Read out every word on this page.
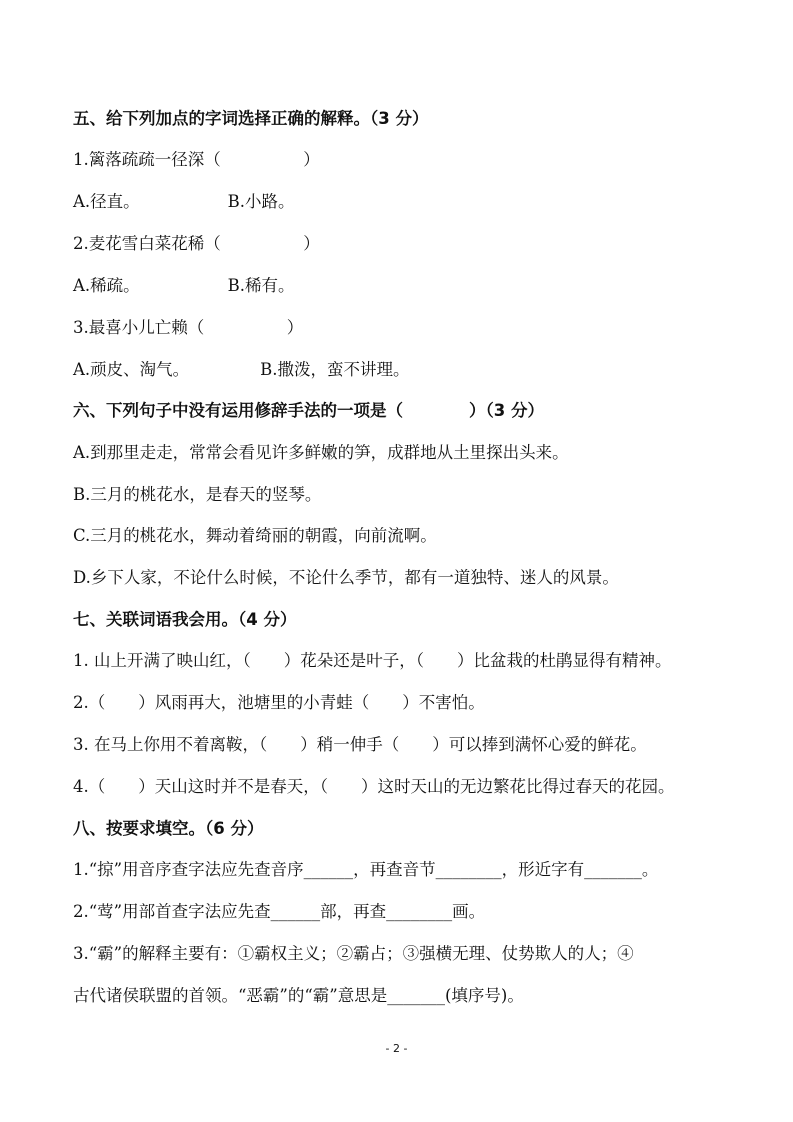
五、给下列加点的字词选择正确的解释。（3 分）
1.篱落疏疏一径深（　　　　　）
A.径直。	B.小路。
2.麦花雪白菜花稀（　　　　　）
A.稀疏。	B.稀有。
3.最喜小儿亡赖（　　　　　）
A.顽皮、淘气。	B.撒泼，蛮不讲理。
六、下列句子中没有运用修辞手法的一项是（　　　　）（3 分）
A.到那里走走，常常会看见许多鲜嫩的笋，成群地从土里探出头来。
B.三月的桃花水，是春天的竖琴。
C.三月的桃花水，舞动着绮丽的朝霞，向前流啊。
D.乡下人家，不论什么时候，不论什么季节，都有一道独特、迷人的风景。
七、关联词语我会用。（4 分）
1. 山上开满了映山红，（　　）花朵还是叶子，（　　）比盆栽的杜鹃显得有精神。
2.（　　）风雨再大，池塘里的小青蛙（　　）不害怕。
3. 在马上你用不着离鞍，（　　）稍一伸手（　　）可以捧到满怀心爱的鲜花。
4.（　　）天山这时并不是春天，（　　）这时天山的无边繁花比得过春天的花园。
八、按要求填空。（6 分）
1.“掠”用音序查字法应先查音序______，再查音节________，形近字有_______。
2.“莺”用部首查字法应先查______部，再查________画。
3.“霸”的解释主要有：①霸权主义；②霸占；③强横无理、仗势欺人的人；④
古代诸侯联盟的首领。“恶霸”的“霸”意思是_______(填序号)。
- 2 -
